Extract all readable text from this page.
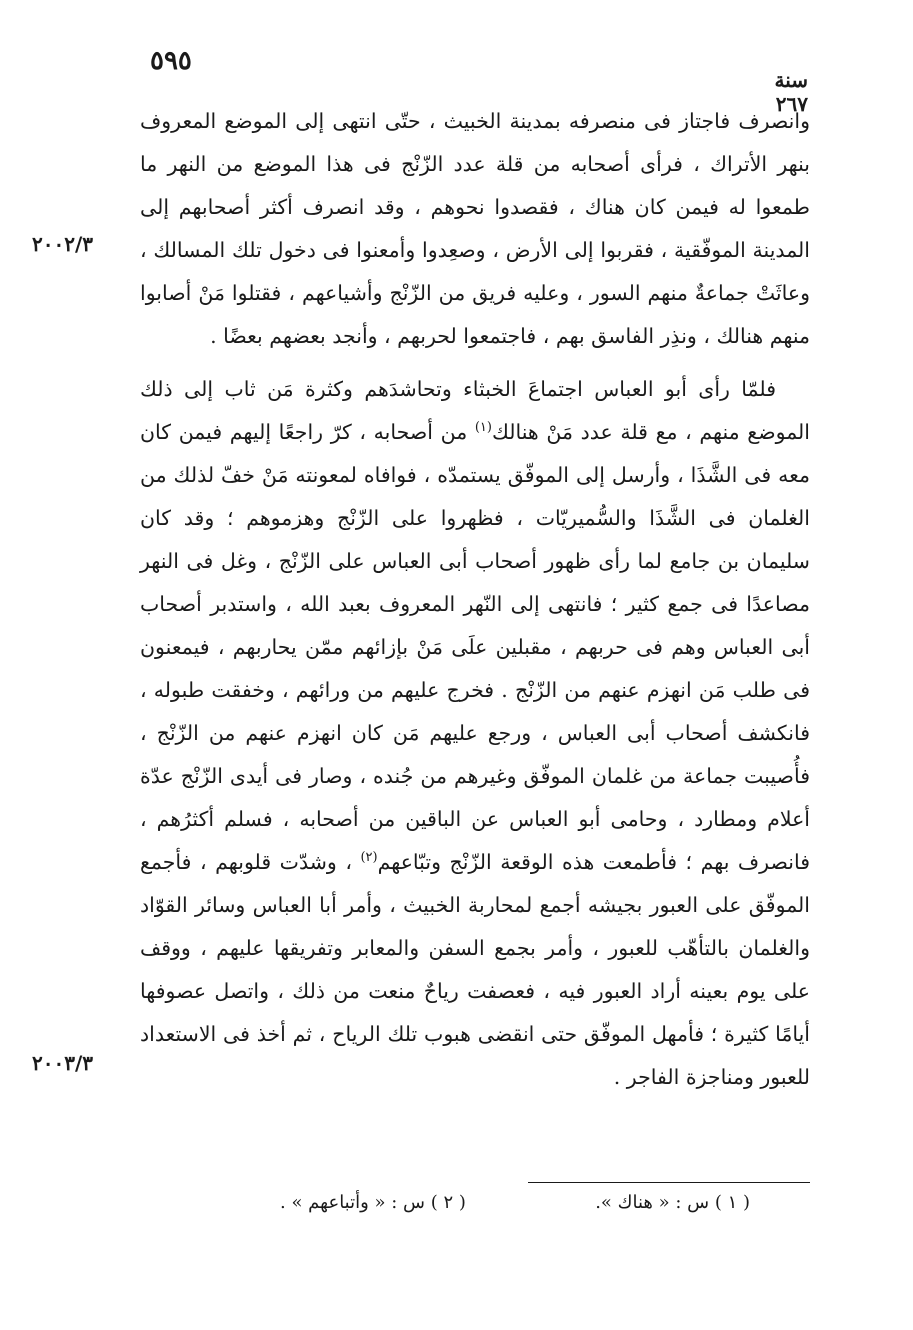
٥٩٥
سنة ٢٦٧
٢٠٠٢/٣
٢٠٠٣/٣

وانصرف فاجتاز فى منصرفه بمدينة الخبيث ، حتّى انتهى إلى الموضع المعروف بنهر الأتراك ، فرأى أصحابه من قلة عدد الزّنْج فى هذا الموضع من النهر ما طمعوا له فيمن كان هناك ، فقصدوا نحوهم ، وقد انصرف أكثر أصحابهم إلى المدينة الموفّقية ، فقربوا إلى الأرض ، وصعِدوا وأمعنوا فى دخول تلك المسالك ، وعاثَتْ جماعةٌ منهم السور ، وعليه فريق من الزّنْج وأشياعهم ، فقتلوا مَنْ أصابوا منهم هنالك ، ونذِر الفاسق بهم ، فاجتمعوا لحربهم ، وأنجد بعضهم بعضًا .

فلمّا رأى أبو العباس اجتماعَ الخبثاء وتحاشدَهم وكثرة مَن ثاب إلى ذلك الموضع منهم ، مع قلة عدد مَنْ هنالك$^{(١)}$ من أصحابه ، كرّ راجعًا إليهم فيمن كان معه فى الشَّذَا ، وأرسل إلى الموفّق يستمدّه ، فوافاه لمعونته مَنْ خفّ لذلك من الغلمان فى الشَّذَا والسُّميريّات ، فظهروا على الزّنْج وهزموهم ؛ وقد كان سليمان بن جامع لما رأى ظهور أصحاب أبى العباس على الزّنْج ، وغل فى النهر مصاعدًا فى جمع كثير ؛ فانتهى إلى النّهر المعروف بعبد الله ، واستدبر أصحاب أبى العباس وهم فى حربهم ، مقبلين علَى مَنْ بإزائهم ممّن يحاربهم ، فيمعنون فى طلب مَن انهزم عنهم من الزّنْج . فخرج عليهم من ورائهم ، وخفقت طبوله ، فانكشف أصحاب أبى العباس ، ورجع عليهم مَن كان انهزم عنهم من الزّنْج ، فأُصيبت جماعة من غلمان الموفّق وغيرهم من جُنده ، وصار فى أيدى الزّنْج عدّة أعلام ومطارد ، وحامى أبو العباس عن الباقين من أصحابه ، فسلم أكثرُهم ، فانصرف بهم ؛ فأطمعت هذه الوقعة الزّنْج وتبّاعهم$^{(٢)}$ ، وشدّت قلوبهم ، فأجمع الموفّق على العبور بجيشه أجمع لمحاربة الخبيث ، وأمر أبا العباس وسائر القوّاد والغلمان بالتأهّب للعبور ، وأمر بجمع السفن والمعابر وتفريقها عليهم ، ووقف على يوم بعينه أراد العبور فيه ، فعصفت رياحٌ منعت من ذلك ، واتصل عصوفها أيامًا كثيرة ؛ فأمهل الموفّق حتى انقضى هبوب تلك الرياح ، ثم أخذ فى الاستعداد للعبور ومناجزة الفاجر .

( ١ ) س : « هناك ».
( ٢ ) س : « وأتباعهم » .
